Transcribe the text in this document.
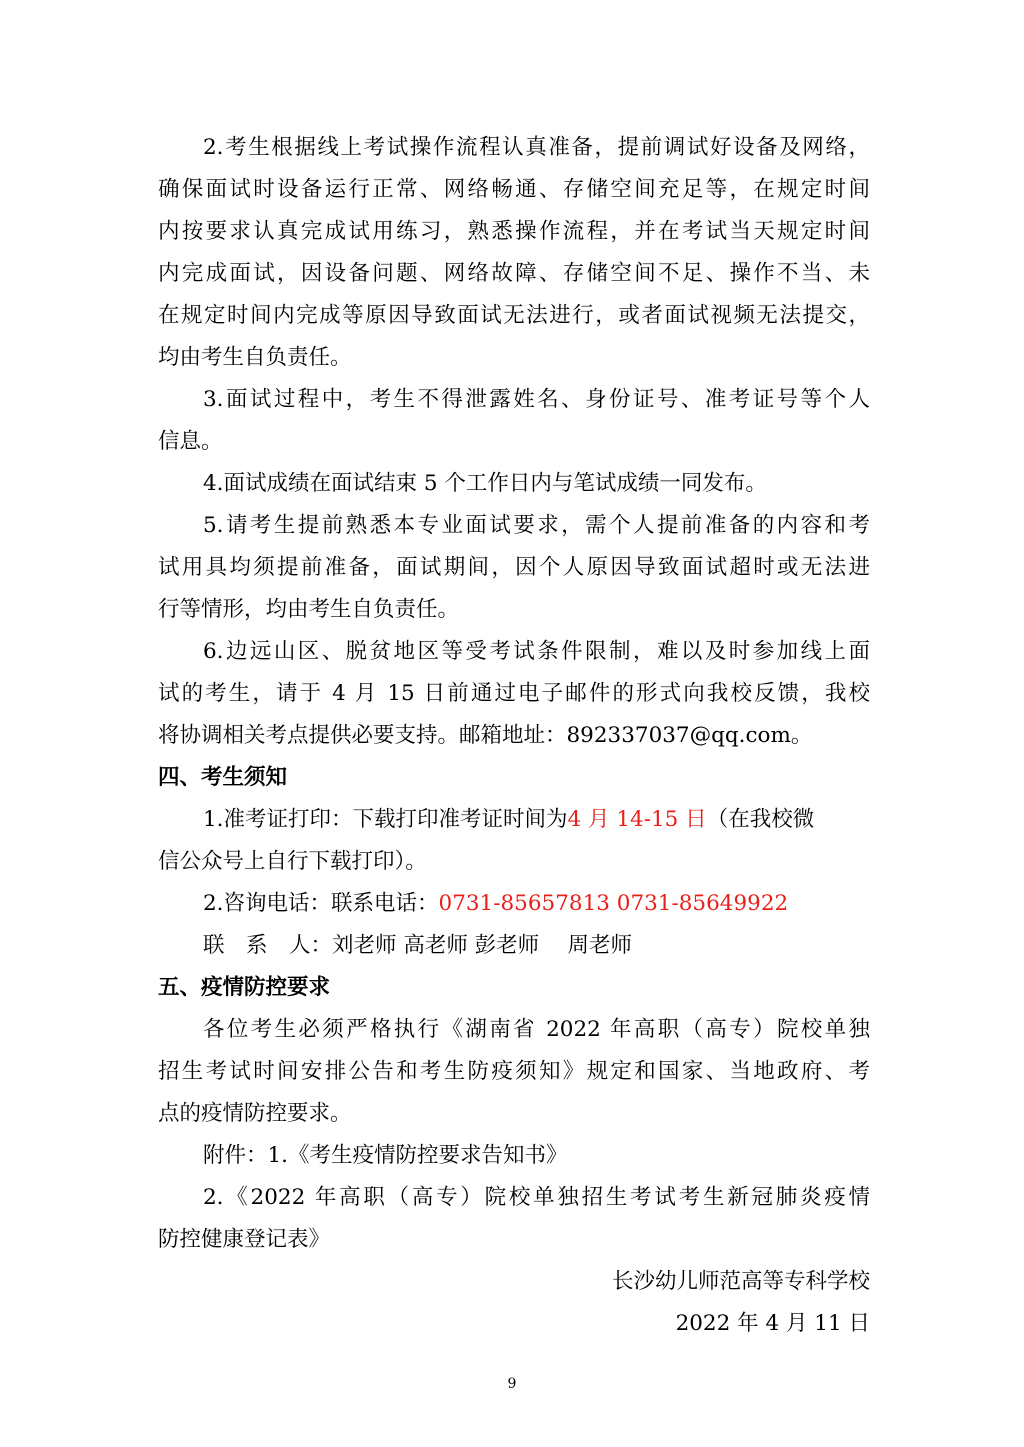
2.考生根据线上考试操作流程认真准备，提前调试好设备及网络，
确保面试时设备运行正常、网络畅通、存储空间充足等，在规定时间
内按要求认真完成试用练习，熟悉操作流程，并在考试当天规定时间
内完成面试，因设备问题、网络故障、存储空间不足、操作不当、未
在规定时间内完成等原因导致面试无法进行，或者面试视频无法提交，
均由考生自负责任。
3.面试过程中，考生不得泄露姓名、身份证号、准考证号等个人
信息。
4.面试成绩在面试结束 5 个工作日内与笔试成绩一同发布。
5.请考生提前熟悉本专业面试要求，需个人提前准备的内容和考
试用具均须提前准备，面试期间，因个人原因导致面试超时或无法进
行等情形，均由考生自负责任。
6.边远山区、脱贫地区等受考试条件限制，难以及时参加线上面
试的考生，请于 4 月 15 日前通过电子邮件的形式向我校反馈，我校
将协调相关考点提供必要支持。邮箱地址：892337037@qq.com。
四、考生须知
1.准考证打印：下载打印准考证时间为4 月 14-15 日（在我校微
信公众号上自行下载打印）。
2.咨询电话：联系电话：0731-85657813 0731-85649922
联　系　人：刘老师 高老师 彭老师　 周老师
五、疫情防控要求
各位考生必须严格执行《湖南省 2022 年高职（高专）院校单独
招生考试时间安排公告和考生防疫须知》规定和国家、当地政府、考
点的疫情防控要求。
附件：1.《考生疫情防控要求告知书》
2.《2022 年高职（高专）院校单独招生考试考生新冠肺炎疫情
防控健康登记表》
长沙幼儿师范高等专科学校
2022 年 4 月 11 日
9
